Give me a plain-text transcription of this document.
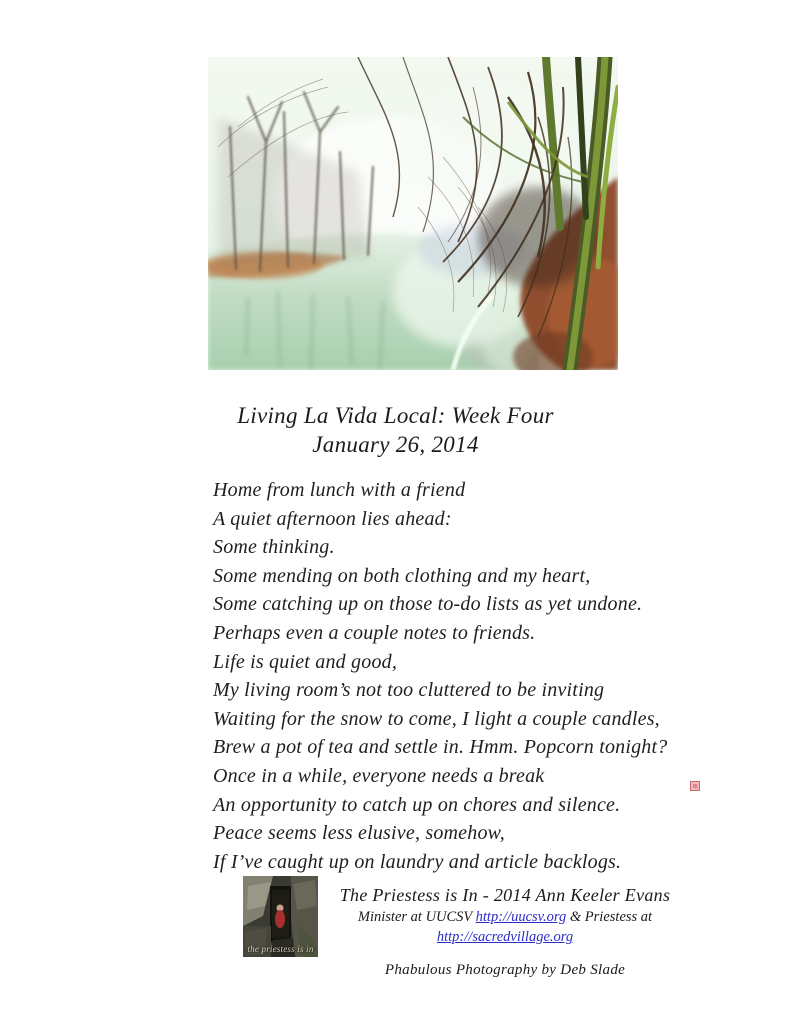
Living La Vida Local: Week Four
January 26, 2014
Home from lunch with a friend
A quiet afternoon lies ahead:
Some thinking.
Some mending on both clothing and my heart,
Some catching up on those to-do lists as yet undone.
Perhaps even a couple notes to friends.
Life is quiet and good,
My living room’s not too cluttered to be inviting
Waiting for the snow to come, I light a couple candles,
Brew a pot of tea and settle in. Hmm. Popcorn tonight?
Once in a while, everyone needs a break
An opportunity to catch up on chores and silence.
Peace seems less elusive, somehow,
If I’ve caught up on laundry and article backlogs.
the priestess is in
The Priestess is In - 2014 Ann Keeler Evans
Minister at UUCSV http://uucsv.org & Priestess at http://sacredvillage.org
Phabulous Photography by Deb Slade
